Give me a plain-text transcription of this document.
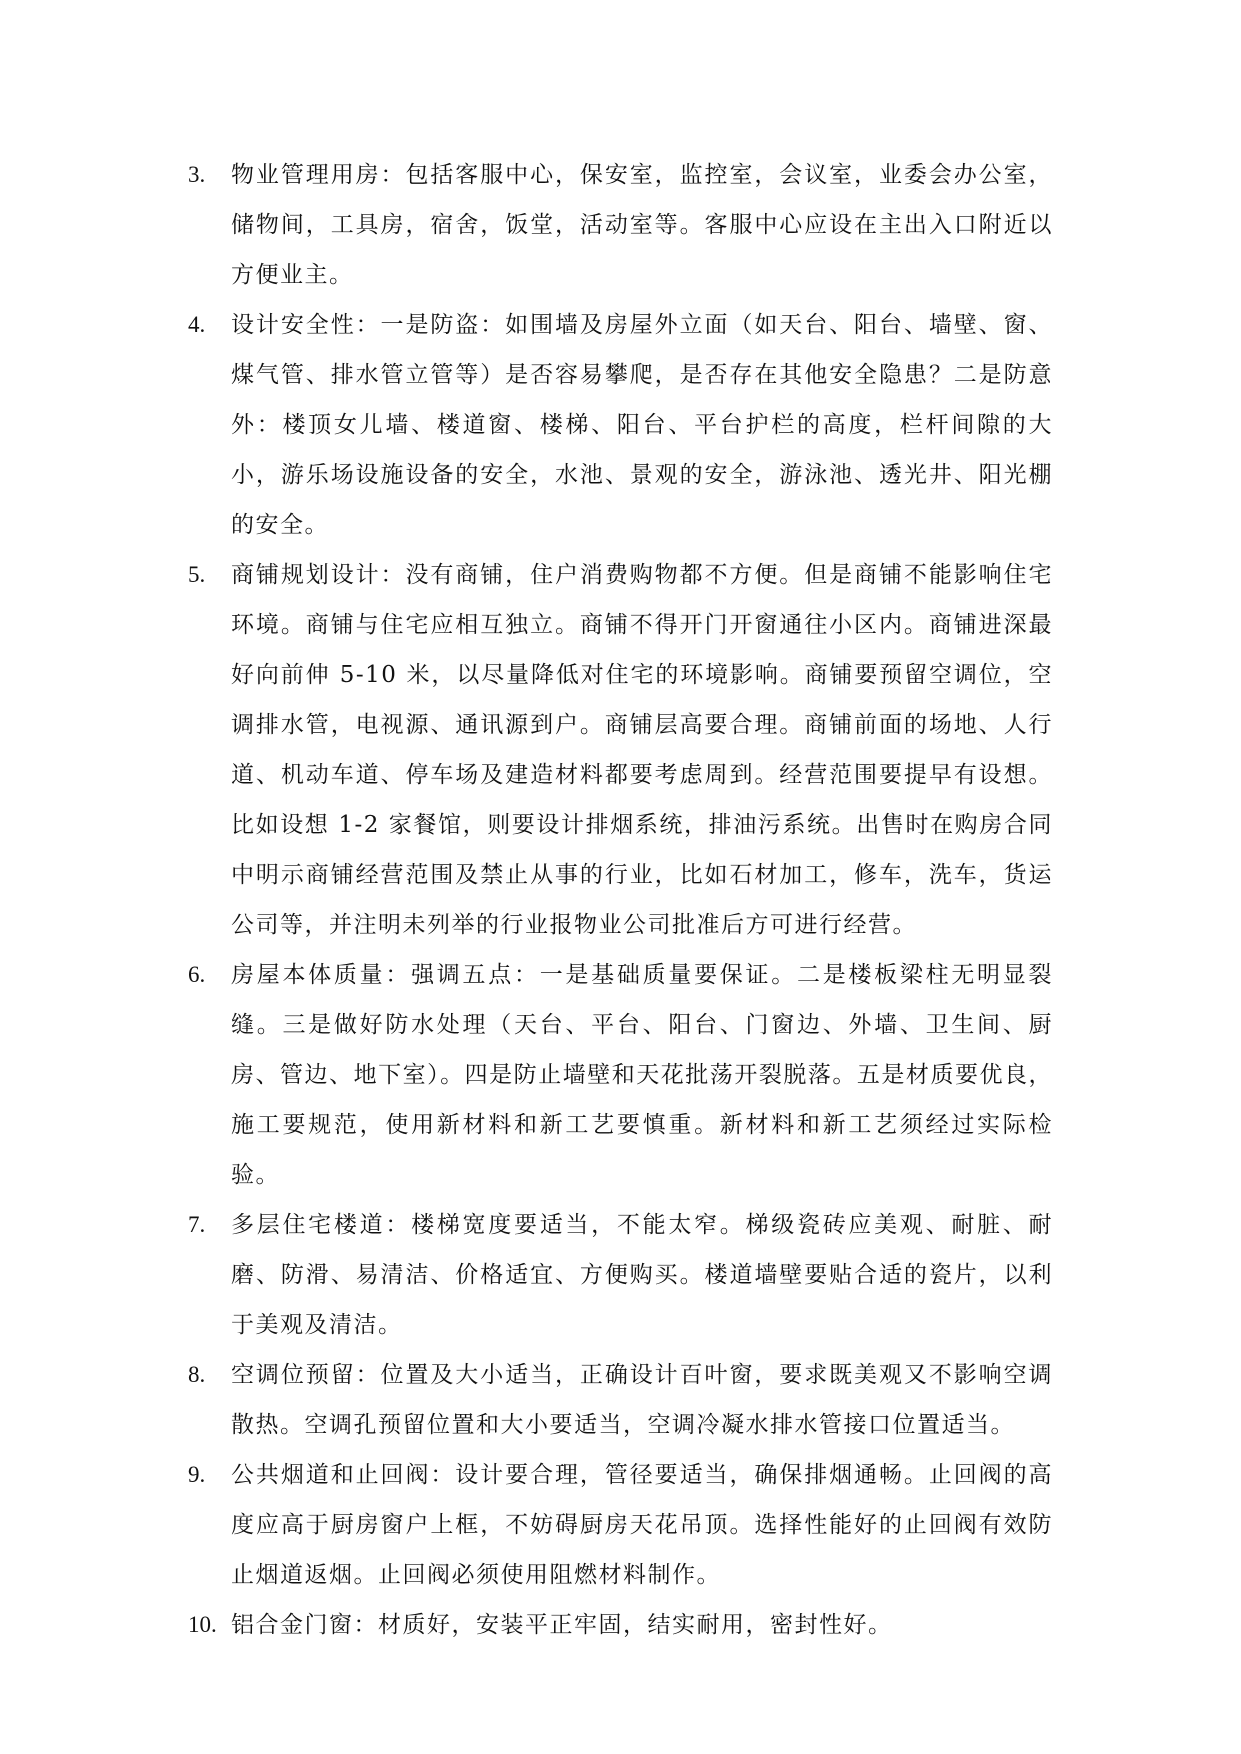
3.	物业管理用房：包括客服中心，保安室，监控室，会议室，业委会办公室，储物间，工具房，宿舍，饭堂，活动室等。客服中心应设在主出入口附近以方便业主。
4.	设计安全性：一是防盗：如围墙及房屋外立面（如天台、阳台、墙壁、窗、煤气管、排水管立管等）是否容易攀爬，是否存在其他安全隐患？二是防意外：楼顶女儿墙、楼道窗、楼梯、阳台、平台护栏的高度，栏杆间隙的大小，游乐场设施设备的安全，水池、景观的安全，游泳池、透光井、阳光棚的安全。
5.	商铺规划设计：没有商铺，住户消费购物都不方便。但是商铺不能影响住宅环境。商铺与住宅应相互独立。商铺不得开门开窗通往小区内。商铺进深最好向前伸 5-10 米，以尽量降低对住宅的环境影响。商铺要预留空调位，空调排水管，电视源、通讯源到户。商铺层高要合理。商铺前面的场地、人行道、机动车道、停车场及建造材料都要考虑周到。经营范围要提早有设想。比如设想 1-2 家餐馆，则要设计排烟系统，排油污系统。出售时在购房合同中明示商铺经营范围及禁止从事的行业，比如石材加工，修车，洗车，货运公司等，并注明未列举的行业报物业公司批准后方可进行经营。
6.	房屋本体质量：强调五点：一是基础质量要保证。二是楼板梁柱无明显裂缝。三是做好防水处理（天台、平台、阳台、门窗边、外墙、卫生间、厨房、管边、地下室）。四是防止墙壁和天花批荡开裂脱落。五是材质要优良，施工要规范，使用新材料和新工艺要慎重。新材料和新工艺须经过实际检验。
7.	多层住宅楼道：楼梯宽度要适当，不能太窄。梯级瓷砖应美观、耐脏、耐磨、防滑、易清洁、价格适宜、方便购买。楼道墙壁要贴合适的瓷片，以利于美观及清洁。
8.	空调位预留：位置及大小适当，正确设计百叶窗，要求既美观又不影响空调散热。空调孔预留位置和大小要适当，空调冷凝水排水管接口位置适当。
9.	公共烟道和止回阀：设计要合理，管径要适当，确保排烟通畅。止回阀的高度应高于厨房窗户上框，不妨碍厨房天花吊顶。选择性能好的止回阀有效防止烟道返烟。止回阀必须使用阻燃材料制作。
10. 铝合金门窗：材质好，安装平正牢固，结实耐用，密封性好。
